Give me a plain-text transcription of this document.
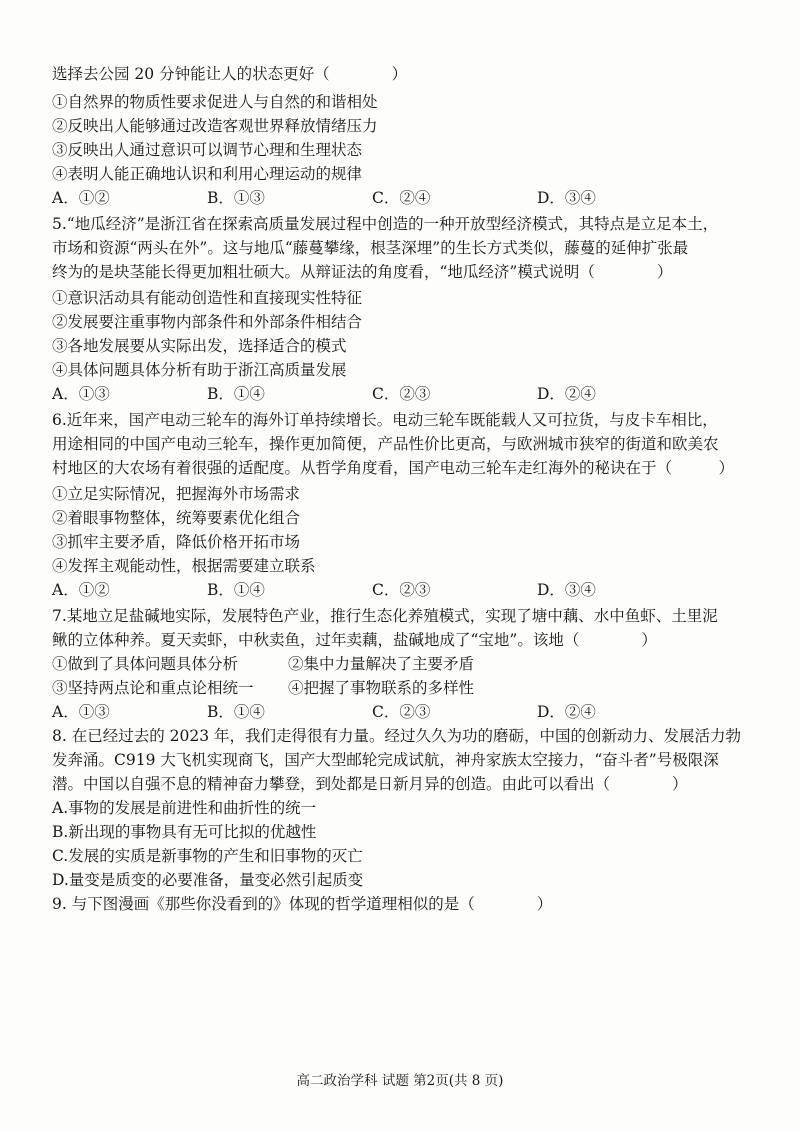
选择去公园 20 分钟能让人的状态更好（　　　　）
①自然界的物质性要求促进人与自然的和谐相处
②反映出人能够通过改造客观世界释放情绪压力
③反映出人通过意识可以调节心理和生理状态
④表明人能正确地认识和利用心理运动的规律
A．①②	B．①③	C．②④	D．③④
5.“地瓜经济”是浙江省在探索高质量发展过程中创造的一种开放型经济模式，其特点是立足本土，
市场和资源“两头在外”。这与地瓜“藤蔓攀缘，根茎深埋”的生长方式类似，藤蔓的延伸扩张最
终为的是块茎能长得更加粗壮硕大。从辩证法的角度看，“地瓜经济”模式说明（　　　　）
①意识活动具有能动创造性和直接现实性特征
②发展要注重事物内部条件和外部条件相结合
③各地发展要从实际出发，选择适合的模式
④具体问题具体分析有助于浙江高质量发展
A．①③	B．①④	C．②③	D．②④
6.近年来，国产电动三轮车的海外订单持续增长。电动三轮车既能载人又可拉货，与皮卡车相比，
用途相同的中国产电动三轮车，操作更加简便，产品性价比更高，与欧洲城市狭窄的街道和欧美农
村地区的大农场有着很强的适配度。从哲学角度看，国产电动三轮车走红海外的秘诀在于（　　　）
①立足实际情况，把握海外市场需求
②着眼事物整体，统筹要素优化组合
③抓牢主要矛盾，降低价格开拓市场
④发挥主观能动性，根据需要建立联系
A．①②	B．①④	C．②③	D．③④
7.某地立足盐碱地实际，发展特色产业，推行生态化养殖模式，实现了塘中藕、水中鱼虾、土里泥
鳅的立体种养。夏天卖虾，中秋卖鱼，过年卖藕，盐碱地成了“宝地”。该地（　　　　）
①做到了具体问题具体分析	②集中力量解决了主要矛盾
③坚持两点论和重点论相统一 ④把握了事物联系的多样性
A．①③	B．①④	C．②③	D．②④
8. 在已经过去的 2023 年，我们走得很有力量。经过久久为功的磨砺，中国的创新动力、发展活力勃
发奔涌。C919 大飞机实现商飞，国产大型邮轮完成试航，神舟家族太空接力，“奋斗者”号极限深
潜。中国以自强不息的精神奋力攀登，到处都是日新月异的创造。由此可以看出（　　　　）
A.事物的发展是前进性和曲折性的统一
B.新出现的事物具有无可比拟的优越性
C.发展的实质是新事物的产生和旧事物的灭亡
D.量变是质变的必要准备，量变必然引起质变
9. 与下图漫画《那些你没看到的》体现的哲学道理相似的是（　　　　）
高二政治学科 试题 第2页(共 8 页)
